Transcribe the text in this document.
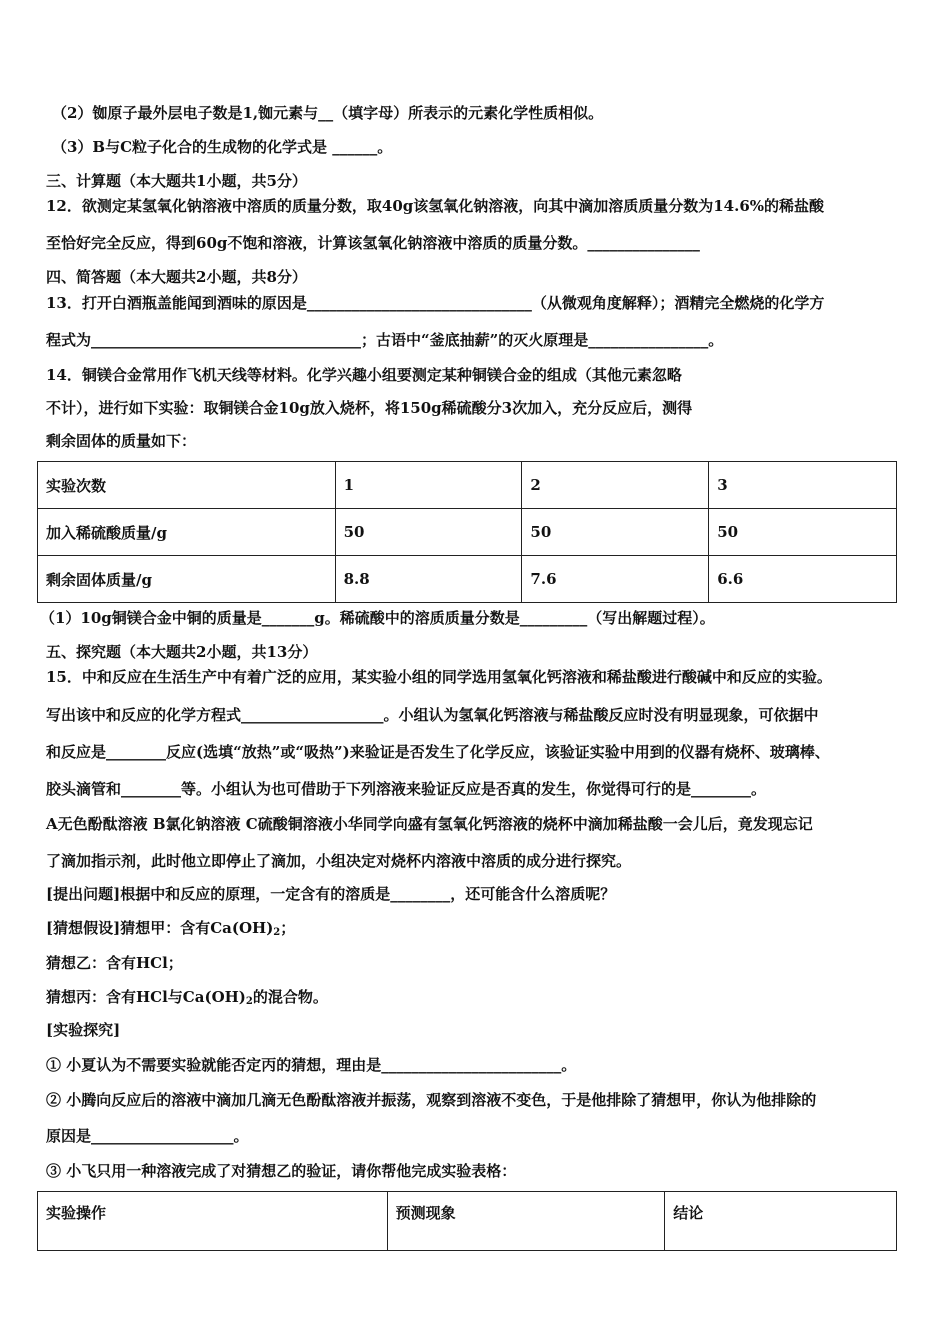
（2）铷原子最外层电子数是1,铷元素与__（填字母）所表示的元素化学性质相似。
（3）B与C粒子化合的生成物的化学式是 ______。
三、计算题（本大题共1小题，共5分）
12．欲测定某氢氧化钠溶液中溶质的质量分数，取40g该氢氧化钠溶液，向其中滴加溶质质量分数为14.6%的稀盐酸
至恰好完全反应，得到60g不饱和溶液，计算该氢氧化钠溶液中溶质的质量分数。_______________
四、简答题（本大题共2小题，共8分）
13．打开白酒瓶盖能闻到酒味的原因是______________________________（从微观角度解释）；酒精完全燃烧的化学方
程式为____________________________________；古语中“釜底抽薪”的灭火原理是________________。
14．铜镁合金常用作飞机天线等材料。化学兴趣小组要测定某种铜镁合金的组成（其他元素忽略
不计），进行如下实验：取铜镁合金10g放入烧杯，将150g稀硫酸分3次加入，充分反应后，测得
剩余固体的质量如下：
实验次数	1	2	3
加入稀硫酸质量/g	50	50	50
剩余固体质量/g	8.8	7.6	6.6
（1）10g铜镁合金中铜的质量是_______g。稀硫酸中的溶质质量分数是_________（写出解题过程）。
五、探究题（本大题共2小题，共13分）
15．中和反应在生活生产中有着广泛的应用，某实验小组的同学选用氢氧化钙溶液和稀盐酸进行酸碱中和反应的实验。
写出该中和反应的化学方程式___________________。小组认为氢氧化钙溶液与稀盐酸反应时没有明显现象，可依据中
和反应是________反应(选填“放热”或“吸热”)来验证是否发生了化学反应，该验证实验中用到的仪器有烧杯、玻璃棒、
胶头滴管和________等。小组认为也可借助于下列溶液来验证反应是否真的发生，你觉得可行的是________。
A无色酚酞溶液 B氯化钠溶液 C硫酸铜溶液小华同学向盛有氢氧化钙溶液的烧杯中滴加稀盐酸一会儿后，竟发现忘记
了滴加指示剂，此时他立即停止了滴加，小组决定对烧杯内溶液中溶质的成分进行探究。
[提出问题]根据中和反应的原理，一定含有的溶质是________，还可能含什么溶质呢？
[猜想假设]猜想甲：含有$Ca(OH)_2$；
猜想乙：含有HCl；
猜想丙：含有HCl与$Ca(OH)_2$的混合物。
[实验探究]
① 小夏认为不需要实验就能否定丙的猜想，理由是________________________。
② 小腾向反应后的溶液中滴加几滴无色酚酞溶液并振荡，观察到溶液不变色，于是他排除了猜想甲，你认为他排除的
原因是___________________。
③ 小飞只用一种溶液完成了对猜想乙的验证，请你帮他完成实验表格：
实验操作	预测现象	结论
